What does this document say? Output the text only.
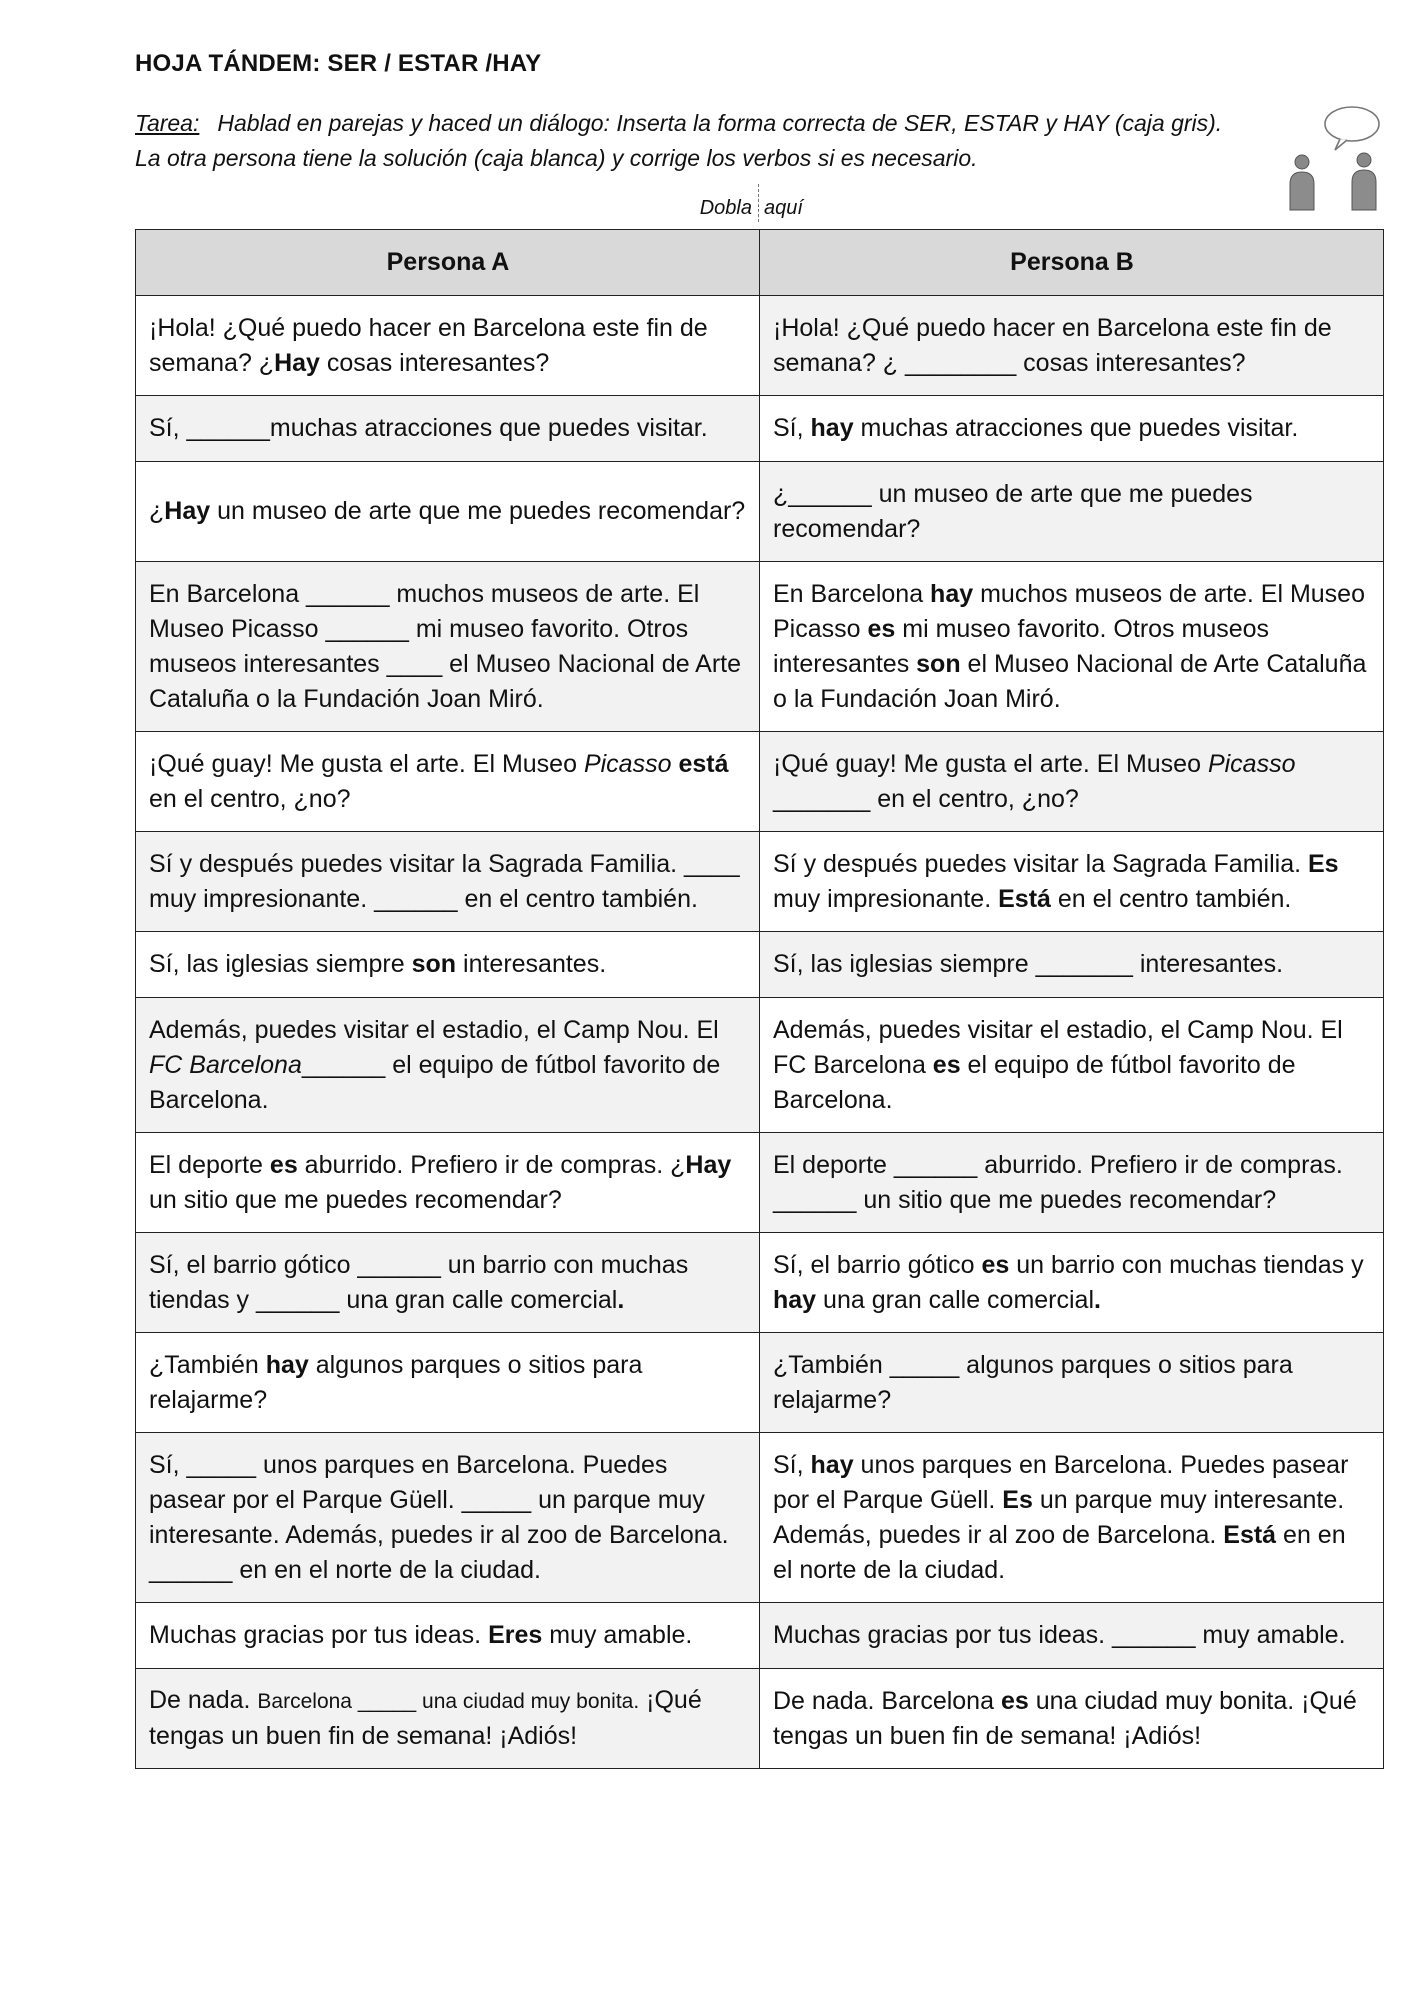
HOJA TÁNDEM: SER / ESTAR /HAY
Tarea: Hablad en parejas y haced un diálogo: Inserta la forma correcta de SER, ESTAR y HAY (caja gris).
La otra persona tiene la solución (caja blanca) y corrige los verbos si es necesario.
Dobla aquí
Persona A	Persona B
¡Hola! ¿Qué puedo hacer en Barcelona este fin de semana? ¿Hay cosas interesantes?	¡Hola! ¿Qué puedo hacer en Barcelona este fin de semana? ¿ ________ cosas interesantes?
Sí, ______muchas atracciones que puedes visitar.	Sí, hay muchas atracciones que puedes visitar.
¿Hay un museo de arte que me puedes recomendar?	¿______ un museo de arte que me puedes recomendar?
En Barcelona ______ muchos museos de arte. El Museo Picasso ______ mi museo favorito. Otros museos interesantes ____ el Museo Nacional de Arte Cataluña o la Fundación Joan Miró.	En Barcelona hay muchos museos de arte. El Museo Picasso es mi museo favorito. Otros museos interesantes son el Museo Nacional de Arte Cataluña o la Fundación Joan Miró.
¡Qué guay! Me gusta el arte. El Museo Picasso está en el centro, ¿no?	¡Qué guay! Me gusta el arte. El Museo Picasso _______ en el centro, ¿no?
Sí y después puedes visitar la Sagrada Familia. ____ muy impresionante. ______ en el centro también.	Sí y después puedes visitar la Sagrada Familia. Es muy impresionante. Está en el centro también.
Sí, las iglesias siempre son interesantes.	Sí, las iglesias siempre _______ interesantes.
Además, puedes visitar el estadio, el Camp Nou. El FC Barcelona______ el equipo de fútbol favorito de Barcelona.	Además, puedes visitar el estadio, el Camp Nou. El FC Barcelona es el equipo de fútbol favorito de Barcelona.
El deporte es aburrido. Prefiero ir de compras. ¿Hay un sitio que me puedes recomendar?	El deporte ______ aburrido. Prefiero ir de compras. ______ un sitio que me puedes recomendar?
Sí, el barrio gótico ______ un barrio con muchas tiendas y ______ una gran calle comercial.	Sí, el barrio gótico es un barrio con muchas tiendas y hay una gran calle comercial.
¿También hay algunos parques o sitios para relajarme?	¿También _____ algunos parques o sitios para relajarme?
Sí, _____ unos parques en Barcelona. Puedes pasear por el Parque Güell. _____ un parque muy interesante. Además, puedes ir al zoo de Barcelona. ______ en en el norte de la ciudad.	Sí, hay unos parques en Barcelona. Puedes pasear por el Parque Güell. Es un parque muy interesante. Además, puedes ir al zoo de Barcelona. Está en en el norte de la ciudad.
Muchas gracias por tus ideas. Eres muy amable.	Muchas gracias por tus ideas. ______ muy amable.
De nada. Barcelona _____ una ciudad muy bonita. ¡Qué tengas un buen fin de semana! ¡Adiós!	De nada. Barcelona es una ciudad muy bonita. ¡Qué tengas un buen fin de semana! ¡Adiós!
